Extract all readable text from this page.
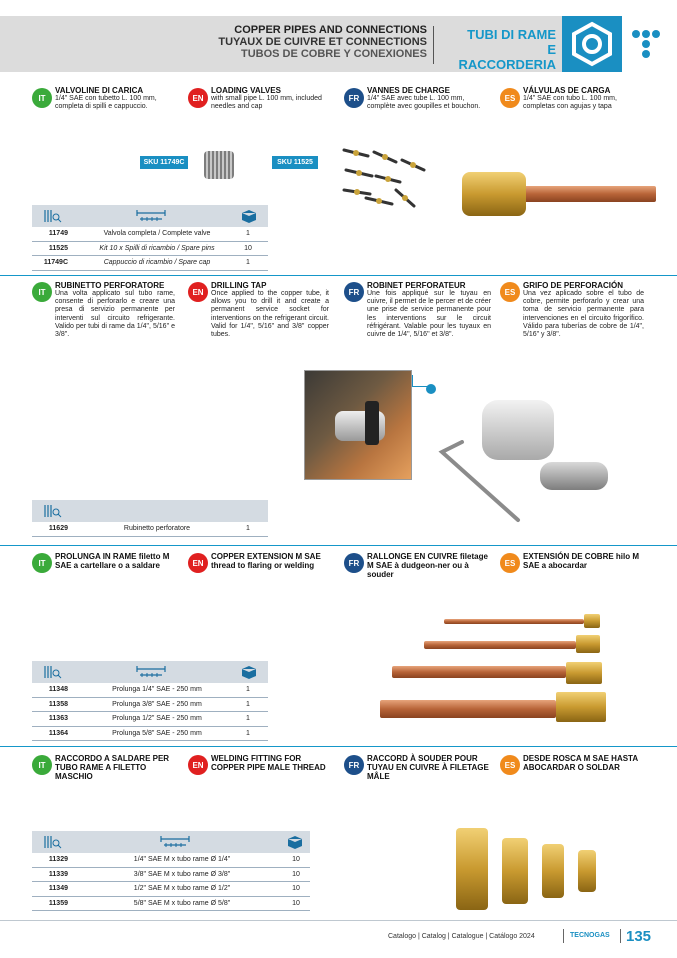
COPPER PIPES AND CONNECTIONS
TUYAUX DE CUIVRE ET CONNECTIONS
TUBOS DE COBRE Y CONEXIONES
TUBI DI RAME
E RACCORDERIA
IT
VALVOLINE DI CARICA
1/4" SAE con tubetto L. 100 mm, completa di spilli e cappuccio.
EN
LOADING VALVES
with small pipe L. 100 mm, included needles and cap
FR
VANNES DE CHARGE
1/4" SAE avec tube L. 100 mm, complète avec goupilles et bouchon.
ES
VÁLVULAS DE CARGA
1/4" SAE con tubo L. 100 mm, completas con agujas y tapa
SKU 11749C	SKU 11525
11749	Valvola completa / Complete valve	1
11525	Kit 10 x Spilli di ricambio / Spare pins	10
11749C	Cappuccio di ricambio / Spare cap	1
IT
RUBINETTO PERFORATORE
Una volta applicato sul tubo rame, consente di perforarlo e creare una presa di servizio permanente per interventi sul circuito refrigerante. Valido per tubi di rame da 1/4", 5/16" e 3/8".
EN
DRILLING TAP
Once applied to the copper tube, it allows you to drill it and create a permanent service socket for interventions on the refrigerant circuit. Valid for 1/4", 5/16" and 3/8" copper tubes.
FR
ROBINET PERFORATEUR
Une fois appliqué sur le tuyau en cuivre, il permet de le percer et de créer une prise de service permanente pour les interventions sur le circuit réfrigérant. Valable pour les tuyaux en cuivre de 1/4", 5/16" et 3/8".
ES
GRIFO DE PERFORACIÓN
Una vez aplicado sobre el tubo de cobre, permite perforarlo y crear una toma de servicio permanente para intervenciones en el circuito frigorífico. Válido para tuberías de cobre de 1/4", 5/16" y 3/8".
11629	Rubinetto perforatore	1
IT
PROLUNGA IN RAME filetto M SAE a cartellare o a saldare	EN
COPPER EXTENSION M SAE thread to flaring or welding	FR
RALLONGE EN CUIVRE filetage M SAE à dudgeon-ner ou à souder
ES
EXTENSIÓN DE COBRE hilo M SAE a abocardar
11348	Prolunga 1/4" SAE - 250 mm	1
11358	Prolunga 3/8" SAE - 250 mm	1
11363	Prolunga 1/2" SAE - 250 mm	1
11364	Prolunga 5/8" SAE - 250 mm	1
IT
RACCORDO A SALDARE PER TUBO RAME A FILETTO MASCHIO
EN
WELDING FITTING FOR COPPER PIPE MALE THREAD	FR
RACCORD À SOUDER POUR TUYAU EN CUIVRE À FILETAGE MÂLE
ES
DESDE ROSCA M SAE HASTA ABOCARDAR O SOLDAR
11329	1/4" SAE M x tubo rame Ø 1/4"	10
11339	3/8" SAE M x tubo rame Ø 3/8"	10
11349	1/2" SAE M x tubo rame Ø 1/2"	10
11359	5/8" SAE M x tubo rame Ø 5/8"	10
Catalogo | Catalog | Catalogue | Catálogo 2024	TECNOGAS 135
